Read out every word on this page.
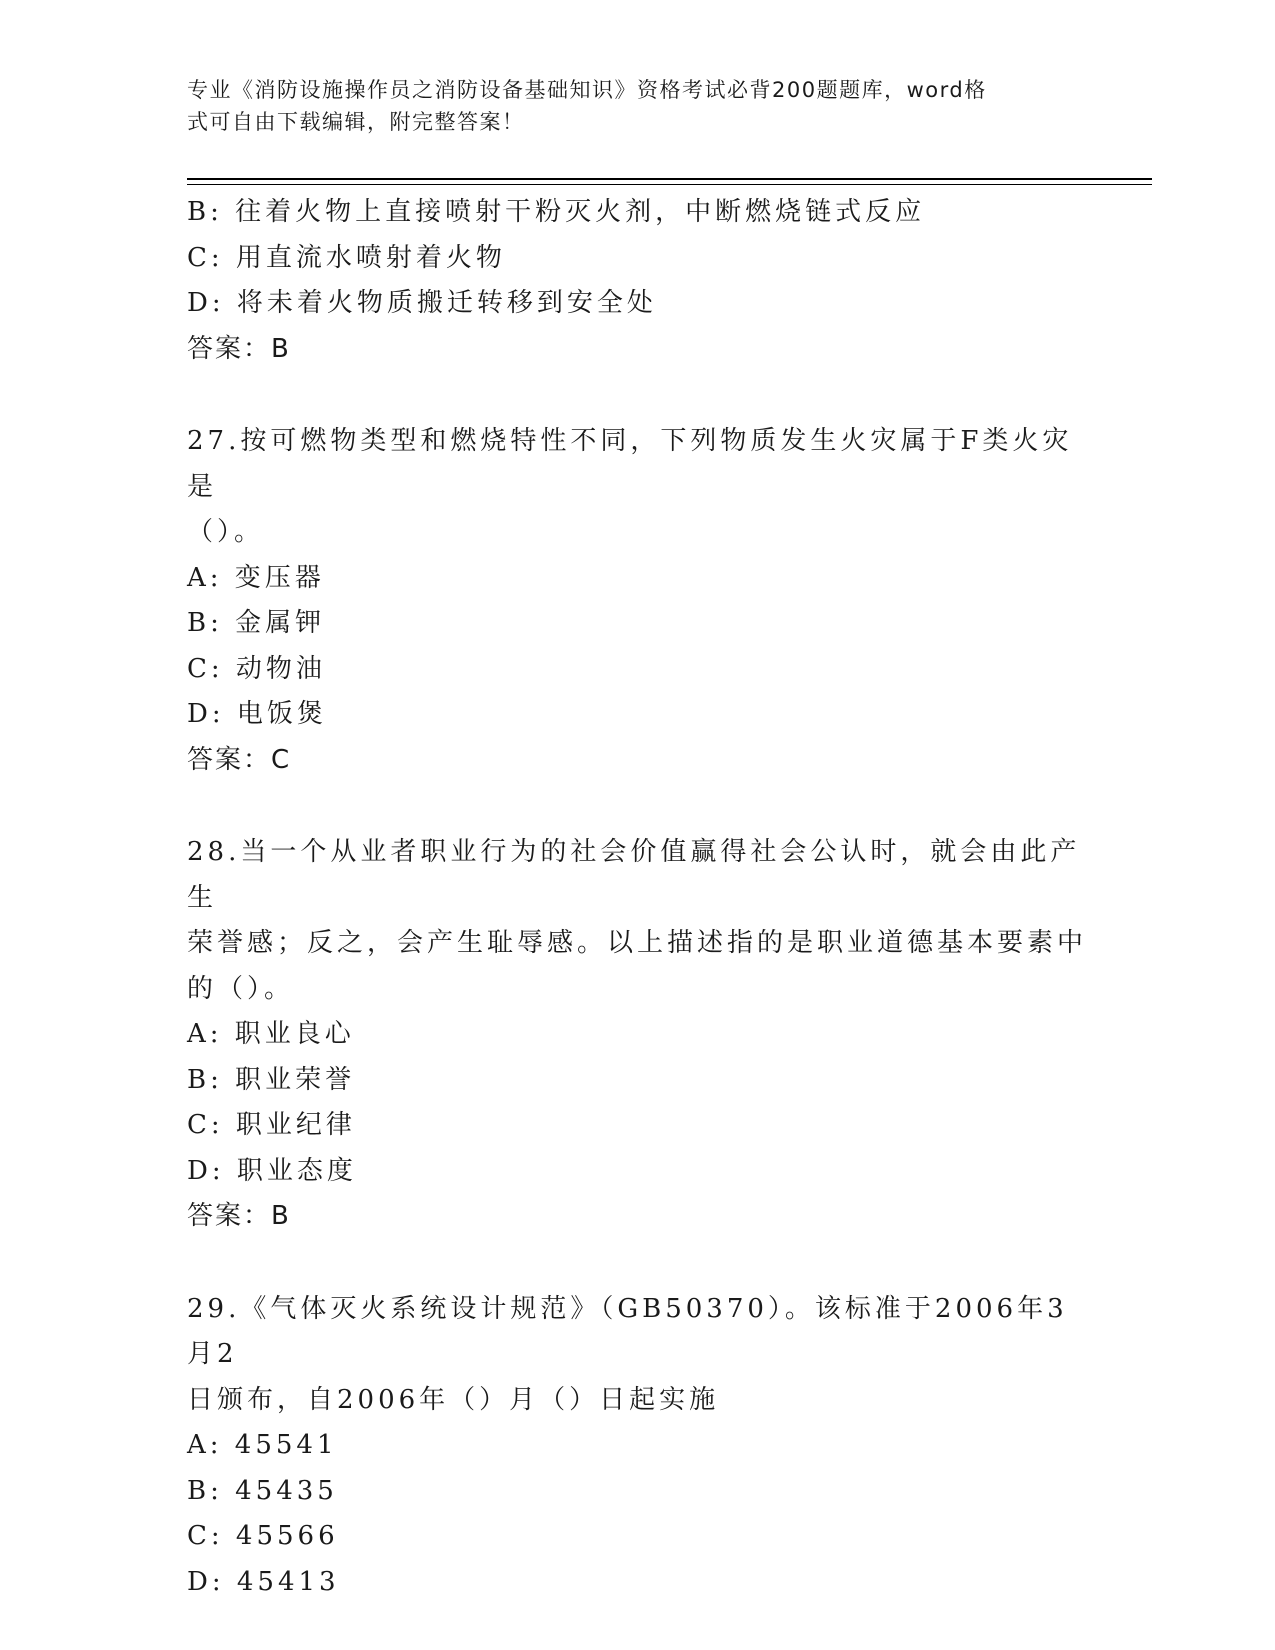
专业《消防设施操作员之消防设备基础知识》资格考试必背200题题库，word格
式可自由下载编辑，附完整答案！
B: 往着火物上直接喷射干粉灭火剂，中断燃烧链式反应
C: 用直流水喷射着火物
D: 将未着火物质搬迁转移到安全处
答案：B
27.按可燃物类型和燃烧特性不同，下列物质发生火灾属于F类火灾是
（）。
A: 变压器
B: 金属钾
C: 动物油
D: 电饭煲
答案：C
28.当一个从业者职业行为的社会价值赢得社会公认时，就会由此产生
荣誉感；反之，会产生耻辱感。以上描述指的是职业道德基本要素中
的（）。
A: 职业良心
B: 职业荣誉
C: 职业纪律
D: 职业态度
答案：B
29.《气体灭火系统设计规范》（GB50370）。该标准于2006年3月2
日颁布，自2006年（）月（）日起实施
A: 45541
B: 45435
C: 45566
D: 45413
